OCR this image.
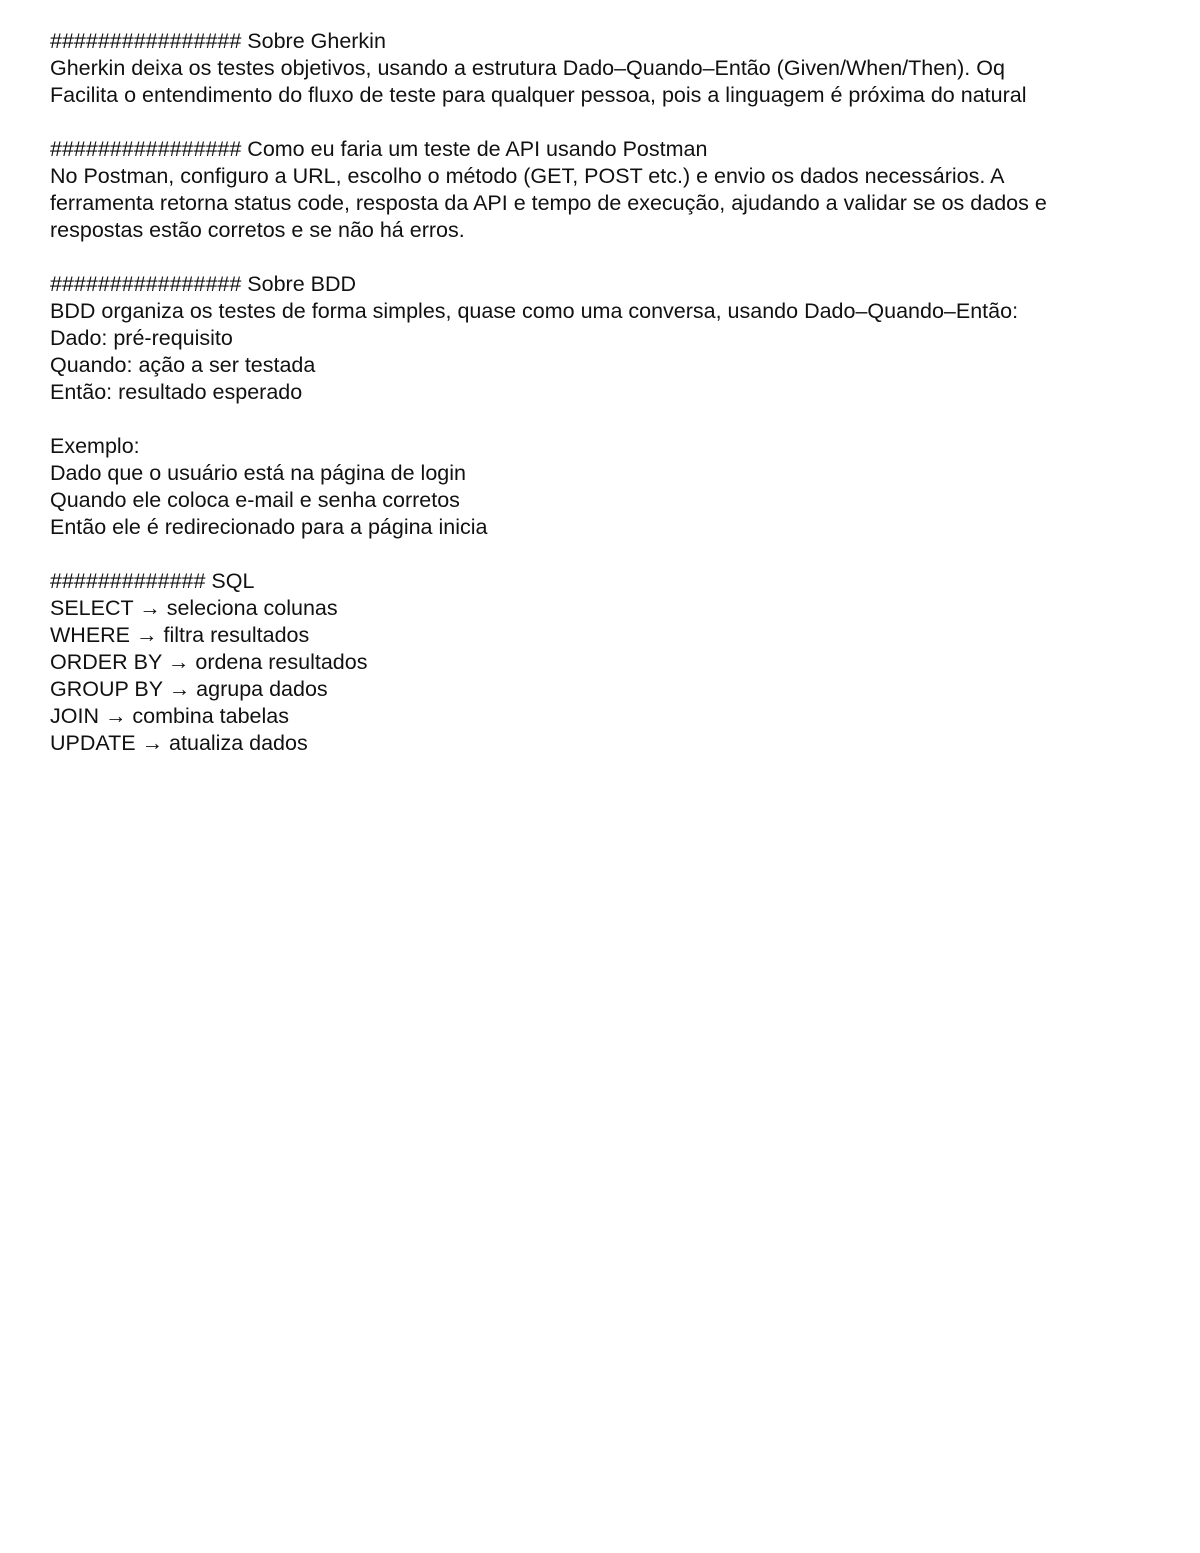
################ Sobre Gherkin
Gherkin deixa os testes objetivos, usando a estrutura Dado–Quando–Então (Given/When/Then). Oq
Facilita o entendimento do fluxo de teste para qualquer pessoa, pois a linguagem é próxima do natural
################ Como eu faria um teste de API usando Postman
No Postman, configuro a URL, escolho o método (GET, POST etc.) e envio os dados necessários. A
ferramenta retorna status code, resposta da API e tempo de execução, ajudando a validar se os dados e
respostas estão corretos e se não há erros.
################ Sobre BDD
BDD organiza os testes de forma simples, quase como uma conversa, usando Dado–Quando–Então:
Dado: pré-requisito
Quando: ação a ser testada
Então: resultado esperado
Exemplo:
Dado que o usuário está na página de login
Quando ele coloca e-mail e senha corretos
Então ele é redirecionado para a página inicia
############# SQL
SELECT → seleciona colunas
WHERE → filtra resultados
ORDER BY → ordena resultados
GROUP BY → agrupa dados
JOIN → combina tabelas
UPDATE → atualiza dados
